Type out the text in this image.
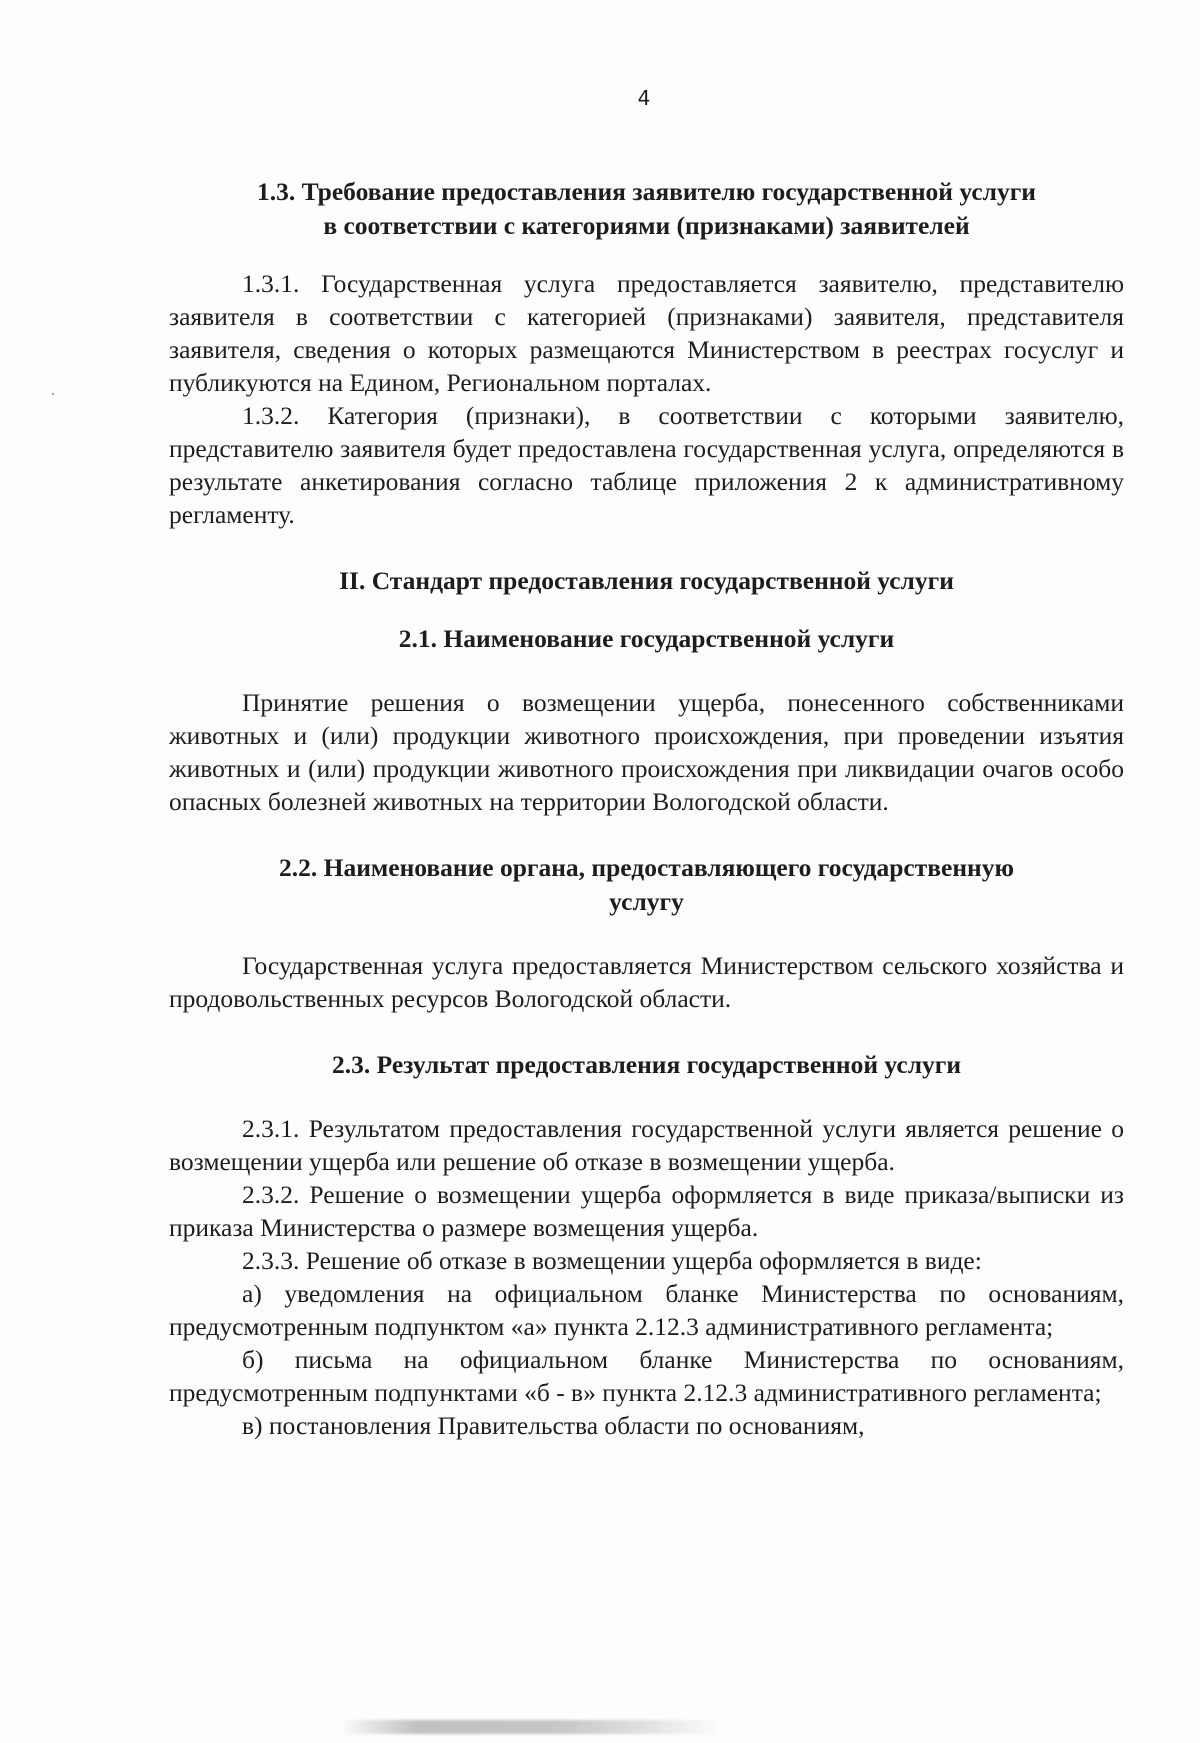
4

1.3. Требование предоставления заявителю государственной услуги

в соответствии с категориями (признаками) заявителей

1.3.1. Государственная услуга предоставляется заявителю, представителю заявителя в соответствии с категорией (признаками) заявителя, представителя заявителя, сведения о которых размещаются Министерством в реестрах госуслуг и публикуются на Едином, Региональном порталах.

1.3.2. Категория (признаки), в соответствии с которыми заявителю, представителю заявителя будет предоставлена государственная услуга, определяются в результате анкетирования согласно таблице приложения 2 к административному регламенту.

II. Стандарт предоставления государственной услуги

2.1. Наименование государственной услуги

Принятие решения о возмещении ущерба, понесенного собственниками животных и (или) продукции животного происхождения, при проведении изъятия животных и (или) продукции животного происхождения при ликвидации очагов особо опасных болезней животных на территории Вологодской области.

2.2. Наименование органа, предоставляющего государственную

услугу

Государственная услуга предоставляется Министерством сельского хозяйства и продовольственных ресурсов Вологодской области.

2.3. Результат предоставления государственной услуги

2.3.1. Результатом предоставления государственной услуги является решение о возмещении ущерба или решение об отказе в возмещении ущерба.

2.3.2. Решение о возмещении ущерба оформляется в виде приказа/выписки из приказа Министерства о размере возмещения ущерба.

2.3.3. Решение об отказе в возмещении ущерба оформляется в виде:

а) уведомления на официальном бланке Министерства по основаниям, предусмотренным подпунктом «а» пункта 2.12.3 административного регламента;

б) письма на официальном бланке Министерства по основаниям, предусмотренным подпунктами «б - в» пункта 2.12.3 административного регламента;

в) постановления Правительства области по основаниям,
